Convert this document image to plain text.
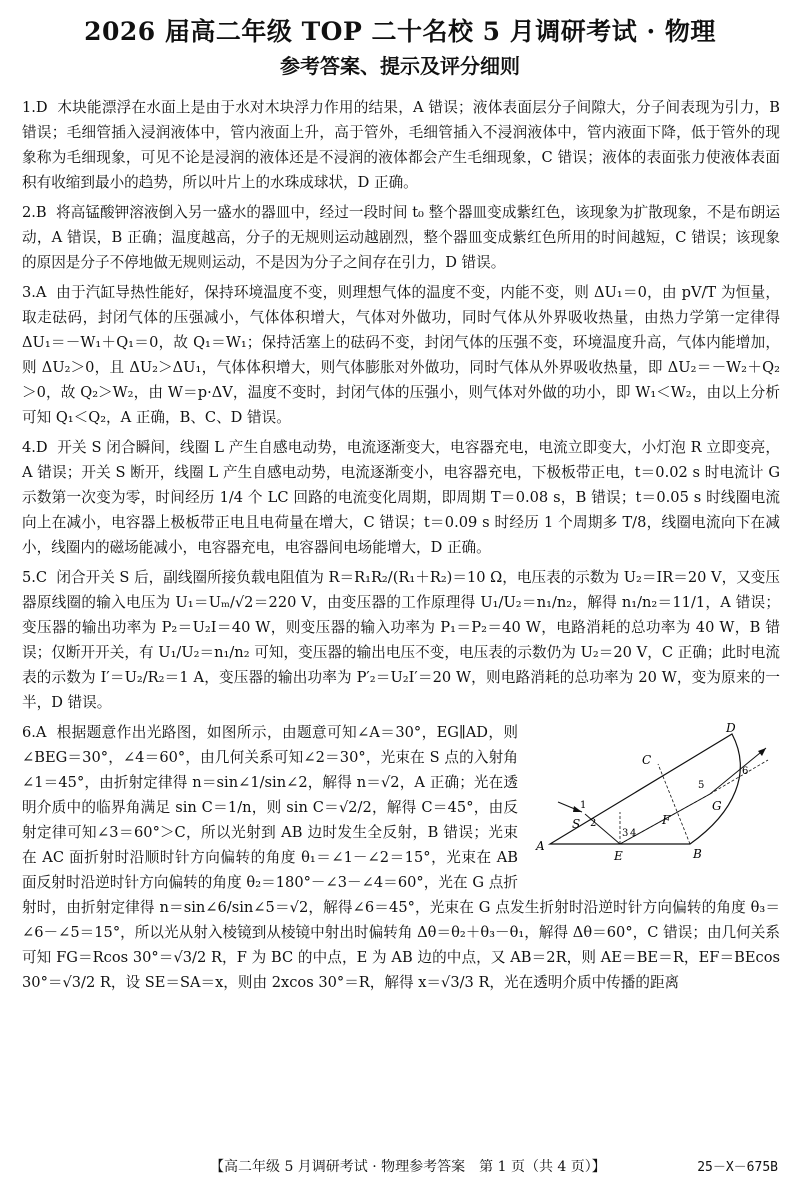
2026 届高二年级 TOP 二十名校 5 月调研考试 · 物理
参考答案、提示及评分细则
1.D 木块能漂浮在水面上是由于水对木块浮力作用的结果，A 错误；液体表面层分子间隙大，分子间表现为引力，B 错误；毛细管插入浸润液体中，管内液面上升，高于管外，毛细管插入不浸润液体中，管内液面下降，低于管外的现象称为毛细现象，可见不论是浸润的液体还是不浸润的液体都会产生毛细现象，C 错误；液体的表面张力使液体表面积有收缩到最小的趋势，所以叶片上的水珠成球状，D 正确。
2.B 将高锰酸钾溶液倒入另一盛水的器皿中，经过一段时间 t₀ 整个器皿变成紫红色，该现象为扩散现象，不是布朗运动，A 错误，B 正确；温度越高，分子的无规则运动越剧烈，整个器皿变成紫红色所用的时间越短，C 错误；该现象的原因是分子不停地做无规则运动，不是因为分子之间存在引力，D 错误。
3.A 由于汽缸导热性能好，保持环境温度不变，则理想气体的温度不变，内能不变，则 ΔU₁＝0，由 pV/T 为恒量，取走砝码，封闭气体的压强减小，气体体积增大，气体对外做功，同时气体从外界吸收热量，由热力学第一定律得 ΔU₁＝－W₁＋Q₁＝0，故 Q₁＝W₁；保持活塞上的砝码不变，封闭气体的压强不变，环境温度升高，气体内能增加，则 ΔU₂＞0，且 ΔU₂＞ΔU₁，气体体积增大，则气体膨胀对外做功，同时气体从外界吸收热量，即 ΔU₂＝－W₂＋Q₂＞0，故 Q₂＞W₂，由 W＝p·ΔV，温度不变时，封闭气体的压强小，则气体对外做的功小，即 W₁＜W₂，由以上分析可知 Q₁＜Q₂，A 正确，B、C、D 错误。
4.D 开关 S 闭合瞬间，线圈 L 产生自感电动势，电流逐渐变大，电容器充电，电流立即变大，小灯泡 R 立即变亮，A 错误；开关 S 断开，线圈 L 产生自感电动势，电流逐渐变小，电容器充电，下极板带正电，t＝0.02 s 时电流计 G 示数第一次变为零，时间经历 1/4 个 LC 回路的电流变化周期，即周期 T＝0.08 s，B 错误；t＝0.05 s 时线圈电流向上在减小，电容器上极板带正电且电荷量在增大，C 错误；t＝0.09 s 时经历 1 个周期多 T/8，线圈电流向下在减小，线圈内的磁场能减小，电容器充电，电容器间电场能增大，D 正确。
5.C 闭合开关 S 后，副线圈所接负载电阻值为 R＝R₁R₂/(R₁＋R₂)＝10 Ω，电压表的示数为 U₂＝IR＝20 V，又变压器原线圈的输入电压为 U₁＝Uₘ/√2＝220 V，由变压器的工作原理得 U₁/U₂＝n₁/n₂，解得 n₁/n₂＝11/1，A 错误；变压器的输出功率为 P₂＝U₂I＝40 W，则变压器的输入功率为 P₁＝P₂＝40 W，电路消耗的总功率为 40 W，B 错误；仅断开开关，有 U₁/U₂＝n₁/n₂ 可知，变压器的输出电压不变，电压表的示数仍为 U₂＝20 V，C 正确；此时电流表的示数为 I′＝U₂/R₂＝1 A，变压器的输出功率为 P′₂＝U₂I′＝20 W，则电路消耗的总功率为 20 W，变为原来的一半，D 错误。
A
B
C
D
E
F
G
S
1
2
3 4
5
6
6.A 根据题意作出光路图，如图所示，由题意可知∠A＝30°，EG∥AD，则∠BEG＝30°，∠4＝60°，由几何关系可知∠2＝30°，光束在 S 点的入射角∠1＝45°，由折射定律得 n＝sin∠1/sin∠2，解得 n＝√2，A 正确；光在透明介质中的临界角满足 sin C＝1/n，则 sin C＝√2/2，解得 C＝45°，由反射定律可知∠3＝60°＞C，所以光射到 AB 边时发生全反射，B 错误；光束在 AC 面折射时沿顺时针方向偏转的角度 θ₁＝∠1－∠2＝15°，光束在 AB 面反射时沿逆时针方向偏转的角度 θ₂＝180°－∠3－∠4＝60°，光在 G 点折射时，由折射定律得 n＝sin∠6/sin∠5＝√2，解得∠6＝45°，光束在 G 点发生折射时沿逆时针方向偏转的角度 θ₃＝∠6－∠5＝15°，所以光从射入棱镜到从棱镜中射出时偏转角 Δθ＝θ₂＋θ₃－θ₁，解得 Δθ＝60°，C 错误；由几何关系可知 FG＝Rcos 30°＝√3/2 R，F 为 BC 的中点，E 为 AB 边的中点，又 AB＝2R，则 AE＝BE＝R，EF＝BEcos 30°＝√3/2 R，设 SE＝SA＝x，则由 2xcos 30°＝R，解得 x＝√3/3 R，光在透明介质中传播的距离
【高二年级 5 月调研考试 · 物理参考答案　第 1 页（共 4 页）】	25－X－675B
